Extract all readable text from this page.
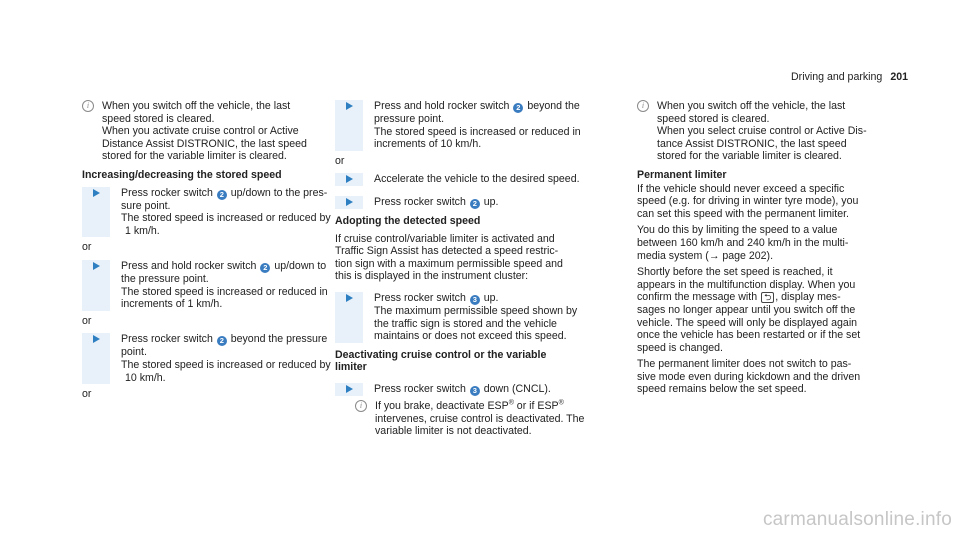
Driving and parking 201
i	When you switch off the vehicle, the last
speed stored is cleared.
When you activate cruise control or Active
Distance Assist DISTRONIC, the last speed
stored for the variable limiter is cleared.
Increasing/decreasing the stored speed
Press rocker switch 2 up/down to the pres-
sure point.
The stored speed is increased or reduced by
1 km/h.
or
Press and hold rocker switch 2 up/down to
the pressure point.
The stored speed is increased or reduced in
increments of 1 km/h.
or
Press rocker switch 2 beyond the pressure
point.
The stored speed is increased or reduced by
10 km/h.
or
Press and hold rocker switch 2 beyond the
pressure point.
The stored speed is increased or reduced in
increments of 10 km/h.
or
Accelerate the vehicle to the desired speed.
Press rocker switch 2 up.
Adopting the detected speed
If cruise control/variable limiter is activated and
Traffic Sign Assist has detected a speed restric-
tion sign with a maximum permissible speed and
this is displayed in the instrument cluster:
Press rocker switch 3 up.
The maximum permissible speed shown by
the traffic sign is stored and the vehicle
maintains or does not exceed this speed.
Deactivating cruise control or the variable
limiter
Press rocker switch 3 down (CNCL).
i	If you brake, deactivate ESP® or if ESP®
intervenes, cruise control is deactivated. The
variable limiter is not deactivated.
i	When you switch off the vehicle, the last
speed stored is cleared.
When you select cruise control or Active Dis-
tance Assist DISTRONIC, the last speed
stored for the variable limiter is cleared.
Permanent limiter
If the vehicle should never exceed a specific
speed (e.g. for driving in winter tyre mode), you
can set this speed with the permanent limiter.
You do this by limiting the speed to a value
between 160 km/h and 240 km/h in the multi-
media system (→ page 202).
Shortly before the set speed is reached, it
appears in the multifunction display. When you
confirm the message with ⮌ , display mes-
sages no longer appear until you switch off the
vehicle. The speed will only be displayed again
once the vehicle has been restarted or if the set
speed is changed.
The permanent limiter does not switch to pas-
sive mode even during kickdown and the driven
speed remains below the set speed.
carmanualsonline.info
